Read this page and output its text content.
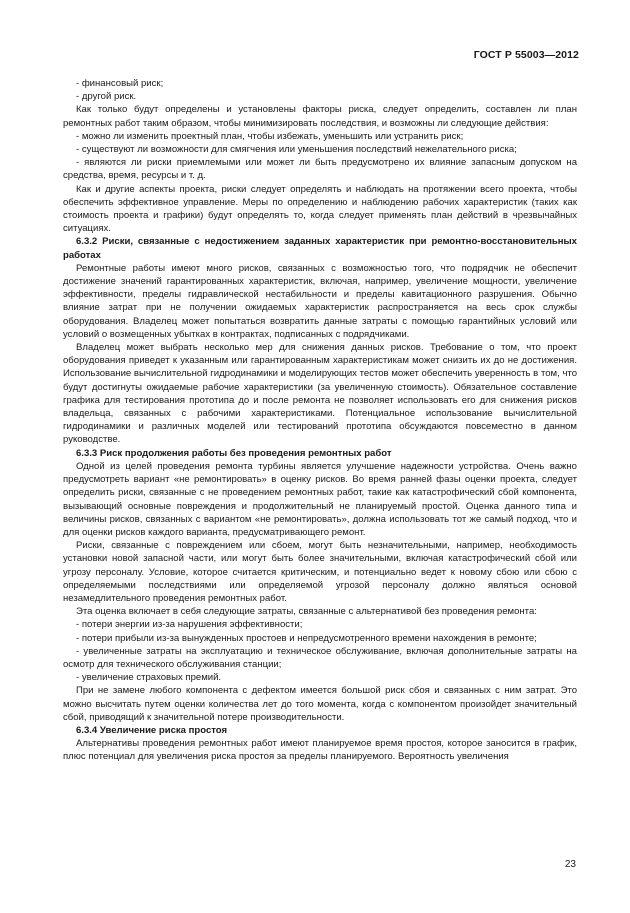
ГОСТ Р 55003—2012

- финансовый риск;

- другой риск.

Как только будут определены и установлены факторы риска, следует определить, составлен ли план ремонтных работ таким образом, чтобы минимизировать последствия, и возможны ли следующие действия:

- можно ли изменить проектный план, чтобы избежать, уменьшить или устранить риск;

- существуют ли возможности для смягчения или уменьшения последствий нежелательного риска;

- являются ли риски приемлемыми или может ли быть предусмотрено их влияние запасным допуском на средства, время, ресурсы и т. д.

Как и другие аспекты проекта, риски следует определять и наблюдать на протяжении всего проекта, чтобы обеспечить эффективное управление. Меры по определению и наблюдению рабочих характеристик (таких как стоимость проекта и графики) будут определять то, когда следует применять план действий в чрезвычайных ситуациях.

6.3.2 Риски, связанные с недостижением заданных характеристик при ремонтно-восстановительных работах

Ремонтные работы имеют много рисков, связанных с возможностью того, что подрядчик не обеспечит достижение значений гарантированных характеристик, включая, например, увеличение мощности, увеличение эффективности, пределы гидравлической нестабильности и пределы кавитационного разрушения. Обычно влияние затрат при не получении ожидаемых характеристик распространяется на весь срок службы оборудования. Владелец может попытаться возвратить данные затраты с помощью гарантийных условий или условий о возмещенных убытках в контрактах, подписанных с подрядчиками.

Владелец может выбрать несколько мер для снижения данных рисков. Требование о том, что проект оборудования приведет к указанным или гарантированным характеристикам может снизить их до не достижения. Использование вычислительной гидродинамики и моделирующих тестов может обеспечить уверенность в том, что будут достигнуты ожидаемые рабочие характеристики (за увеличенную стоимость). Обязательное составление графика для тестирования прототипа до и после ремонта не позволяет использовать его для снижения рисков владельца, связанных с рабочими характеристиками. Потенциальное использование вычислительной гидродинамики и различных моделей или тестирований прототипа обсуждаются повсеместно в данном руководстве.

6.3.3 Риск продолжения работы без проведения ремонтных работ

Одной из целей проведения ремонта турбины является улучшение надежности устройства. Очень важно предусмотреть вариант «не ремонтировать» в оценку рисков. Во время ранней фазы оценки проекта, следует определить риски, связанные с не проведением ремонтных работ, такие как катастрофический сбой компонента, вызывающий основные повреждения и продолжительный не планируемый простой. Оценка данного типа и величины рисков, связанных с вариантом «не ремонтировать», должна использовать тот же самый подход, что и для оценки рисков каждого варианта, предусматривающего ремонт.

Риски, связанные с повреждением или сбоем, могут быть незначительными, например, необходимость установки новой запасной части, или могут быть более значительными, включая катастрофический сбой или угрозу персоналу. Условие, которое считается критическим, и потенциально ведет к новому сбою или сбою с определяемыми последствиями или определяемой угрозой персоналу должно являться основой незамедлительного проведения ремонтных работ.

Эта оценка включает в себя следующие затраты, связанные с альтернативой без проведения ремонта:

- потери энергии из-за нарушения эффективности;

- потери прибыли из-за вынужденных простоев и непредусмотренного времени нахождения в ремонте;

- увеличенные затраты на эксплуатацию и техническое обслуживание, включая дополнительные затраты на осмотр для технического обслуживания станции;

- увеличение страховых премий.

При не замене любого компонента с дефектом имеется большой риск сбоя и связанных с ним затрат. Это можно высчитать путем оценки количества лет до того момента, когда с компонентом произойдет значительный сбой, приводящий к значительной потере производительности.

6.3.4 Увеличение риска простоя

Альтернативы проведения ремонтных работ имеют планируемое время простоя, которое заносится в график, плюс потенциал для увеличения риска простоя за пределы планируемого. Вероятность увеличения

23
